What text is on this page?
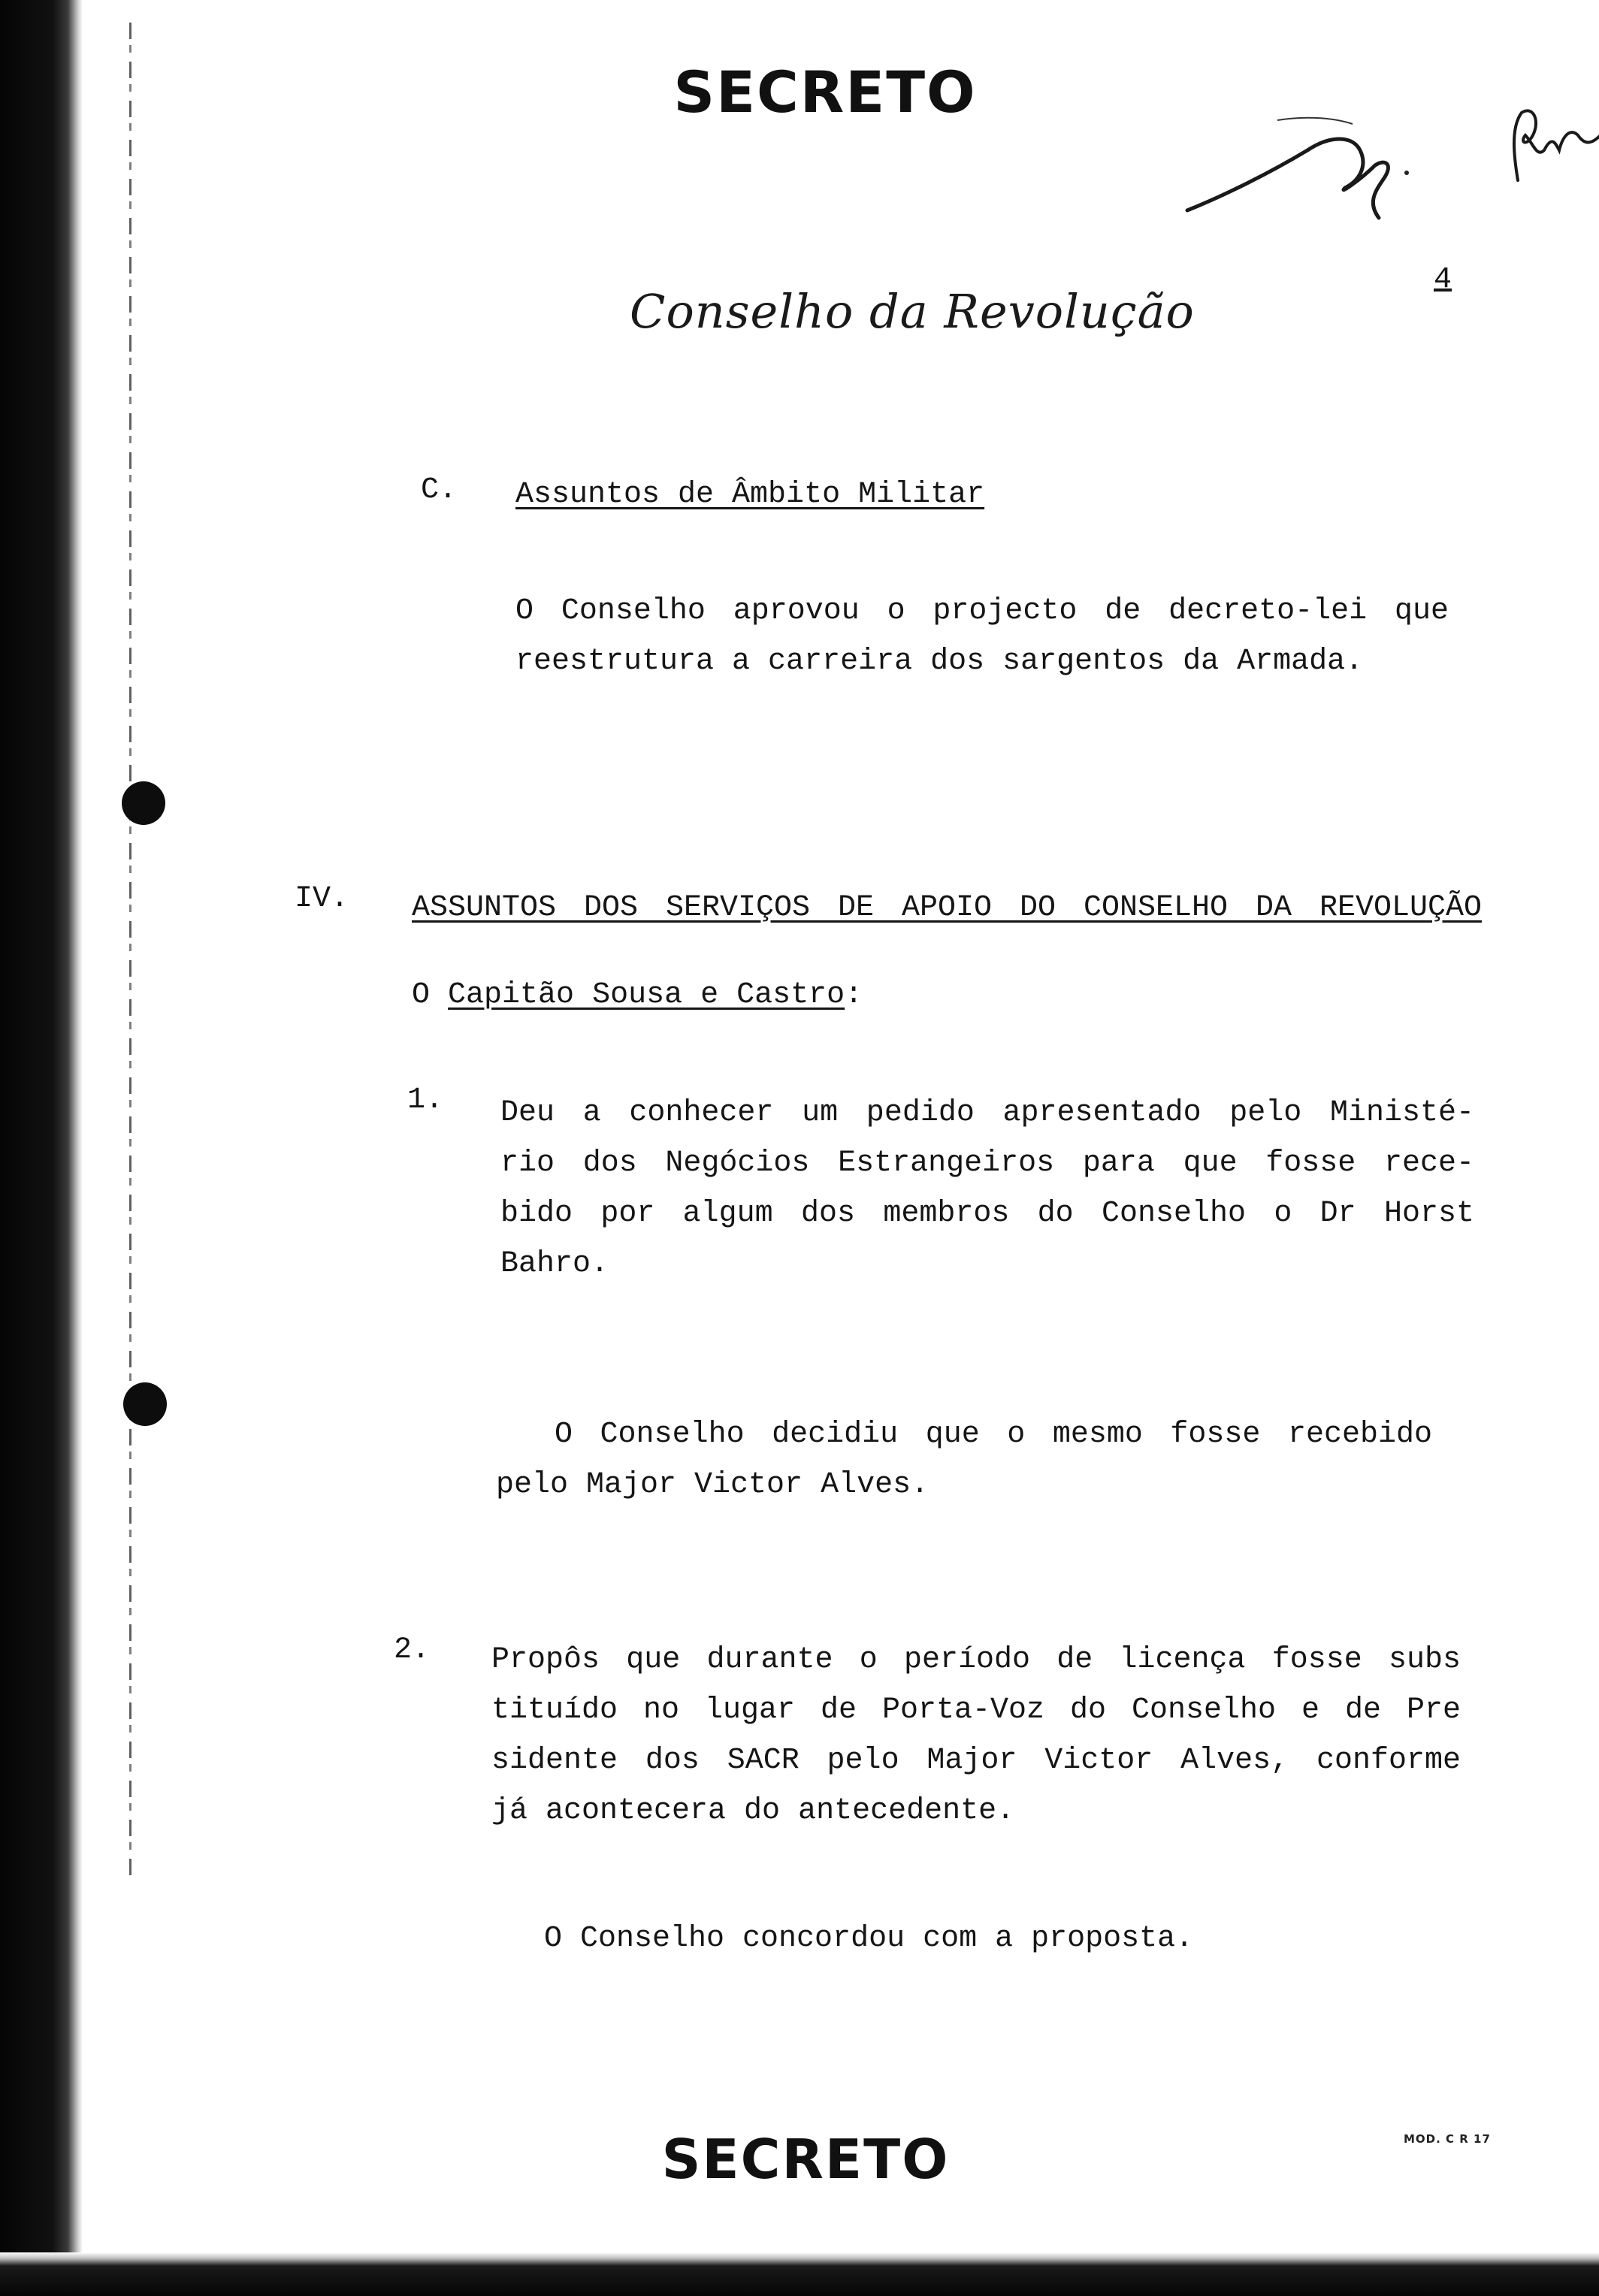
SECRETO
Conselho da Revolução
4
C. Assuntos de Âmbito Militar
O Conselho aprovou o projecto de decreto-lei que
reestrutura a carreira dos sargentos da Armada.
IV. ASSUNTOS DOS SERVIÇOS DE APOIO DO CONSELHO DA REVOLUÇÃO
O Capitão Sousa e Castro:
1. Deu a conhecer um pedido apresentado pelo Ministé-
rio dos Negócios Estrangeiros para que fosse rece-
bido por algum dos membros do Conselho o Dr Horst
Bahro.
O Conselho decidiu que o mesmo fosse recebido
pelo Major Victor Alves.
2. Propôs que durante o período de licença fosse subs
tituído no lugar de Porta-Voz do Conselho e de Pre
sidente dos SACR pelo Major Victor Alves, conforme
já acontecera do antecedente.
O Conselho concordou com a proposta.
SECRETO	MOD. C R 17
